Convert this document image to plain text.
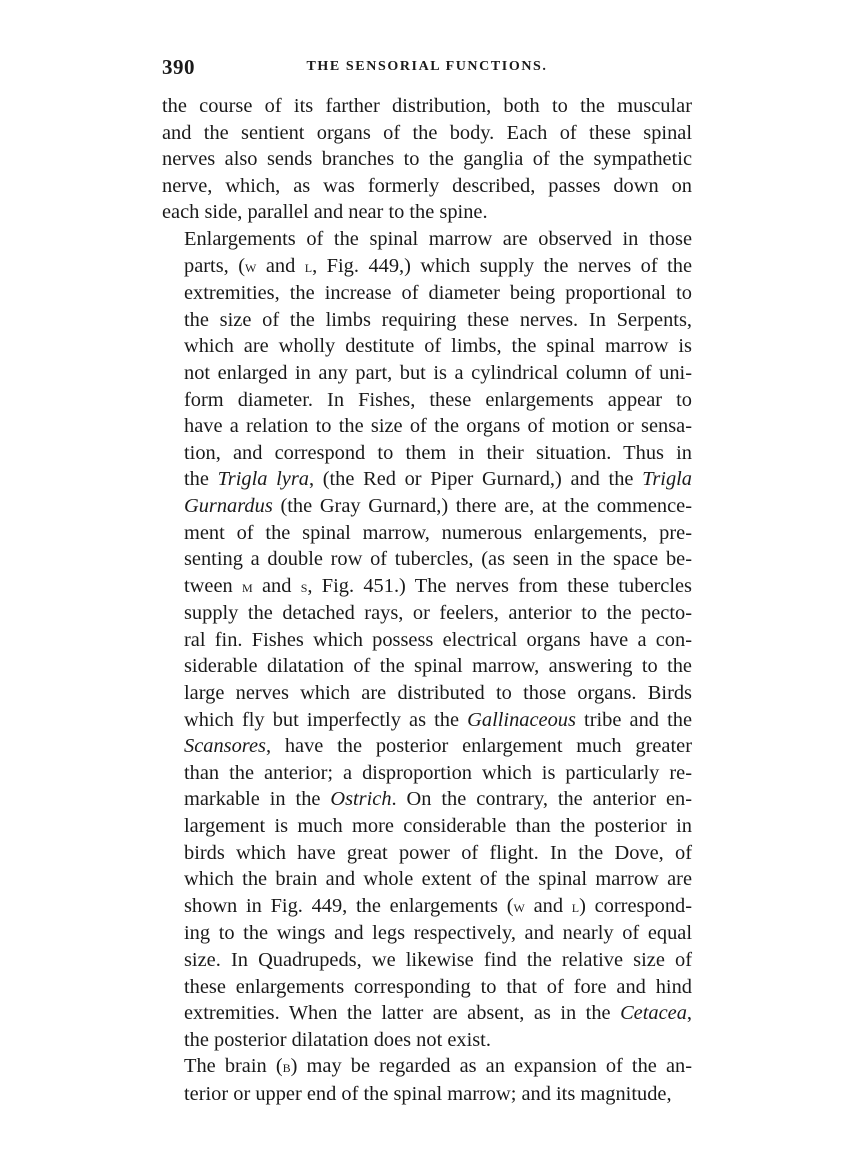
390	THE SENSORIAL FUNCTIONS.
the course of its farther distribution, both to the muscular
and the sentient organs of the body. Each of these spinal
nerves also sends branches to the ganglia of the sympathetic
nerve, which, as was formerly described, passes down on
each side, parallel and near to the spine.
Enlargements of the spinal marrow are observed in those
parts, (w and l, Fig. 449,) which supply the nerves of the
extremities, the increase of diameter being proportional to
the size of the limbs requiring these nerves. In Serpents,
which are wholly destitute of limbs, the spinal marrow is
not enlarged in any part, but is a cylindrical column of uni-
form diameter. In Fishes, these enlargements appear to
have a relation to the size of the organs of motion or sensa-
tion, and correspond to them in their situation. Thus in
the Trigla lyra, (the Red or Piper Gurnard,) and the Trigla
Gurnardus (the Gray Gurnard,) there are, at the commence-
ment of the spinal marrow, numerous enlargements, pre-
senting a double row of tubercles, (as seen in the space be-
tween m and s, Fig. 451.) The nerves from these tubercles
supply the detached rays, or feelers, anterior to the pecto-
ral fin. Fishes which possess electrical organs have a con-
siderable dilatation of the spinal marrow, answering to the
large nerves which are distributed to those organs. Birds
which fly but imperfectly as the Gallinaceous tribe and the
Scansores, have the posterior enlargement much greater
than the anterior; a disproportion which is particularly re-
markable in the Ostrich. On the contrary, the anterior en-
largement is much more considerable than the posterior in
birds which have great power of flight. In the Dove, of
which the brain and whole extent of the spinal marrow are
shown in Fig. 449, the enlargements (w and l) correspond-
ing to the wings and legs respectively, and nearly of equal
size. In Quadrupeds, we likewise find the relative size of
these enlargements corresponding to that of fore and hind
extremities. When the latter are absent, as in the Cetacea,
the posterior dilatation does not exist.
The brain (b) may be regarded as an expansion of the an-
terior or upper end of the spinal marrow; and its magnitude,
